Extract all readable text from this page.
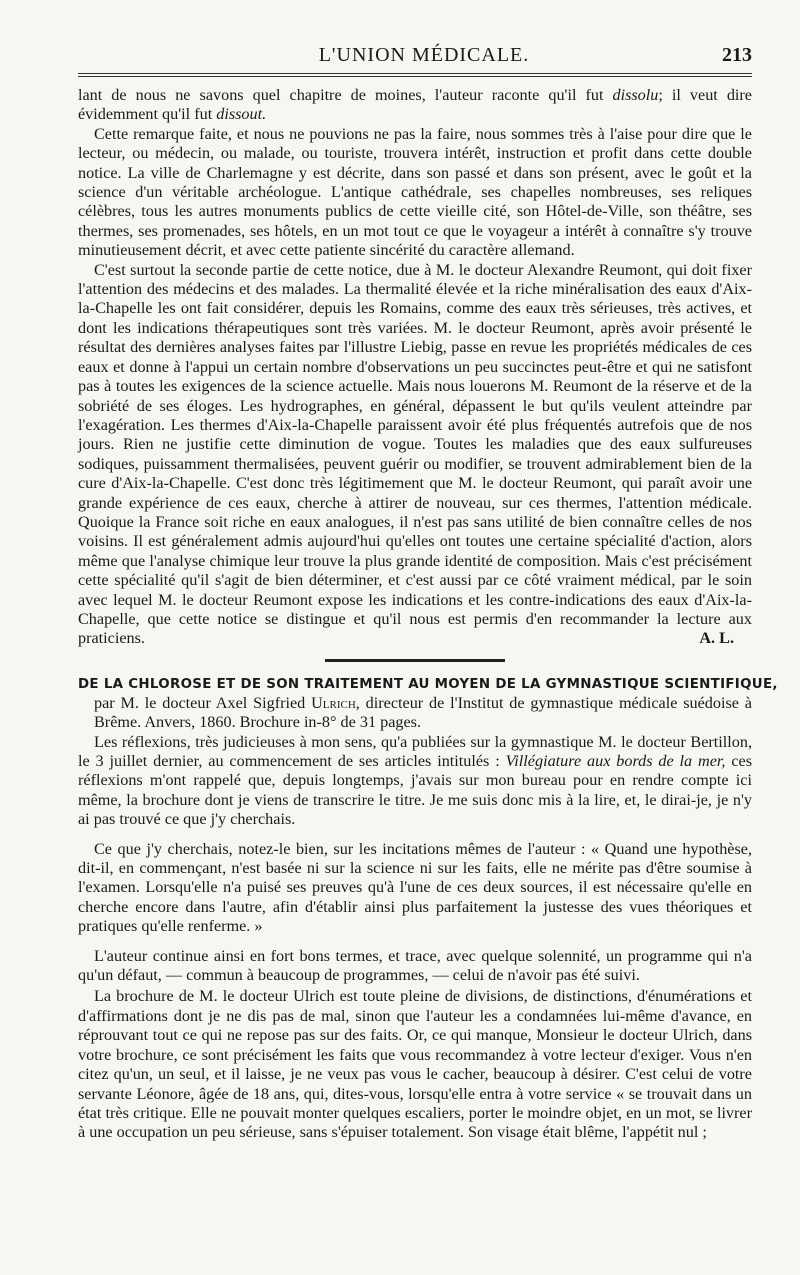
L'UNION MÉDICALE.	213

lant de nous ne savons quel chapitre de moines, l'auteur raconte qu'il fut dissolu; il veut dire évidemment qu'il fut dissout.

Cette remarque faite, et nous ne pouvions ne pas la faire, nous sommes très à l'aise pour dire que le lecteur, ou médecin, ou malade, ou touriste, trouvera intérêt, instruction et profit dans cette double notice. La ville de Charlemagne y est décrite, dans son passé et dans son présent, avec le goût et la science d'un véritable archéologue. L'antique cathédrale, ses chapelles nombreuses, ses reliques célèbres, tous les autres monuments publics de cette vieille cité, son Hôtel-de-Ville, son théâtre, ses thermes, ses promenades, ses hôtels, en un mot tout ce que le voyageur a intérêt à connaître s'y trouve minutieusement décrit, et avec cette patiente sincérité du caractère allemand.

C'est surtout la seconde partie de cette notice, due à M. le docteur Alexandre Reumont, qui doit fixer l'attention des médecins et des malades. La thermalité élevée et la riche minéralisation des eaux d'Aix-la-Chapelle les ont fait considérer, depuis les Romains, comme des eaux très sérieuses, très actives, et dont les indications thérapeutiques sont très variées. M. le docteur Reumont, après avoir présenté le résultat des dernières analyses faites par l'illustre Liebig, passe en revue les propriétés médicales de ces eaux et donne à l'appui un certain nombre d'observations un peu succinctes peut-être et qui ne satisfont pas à toutes les exigences de la science actuelle. Mais nous louerons M. Reumont de la réserve et de la sobriété de ses éloges. Les hydrographes, en général, dépassent le but qu'ils veulent atteindre par l'exagération. Les thermes d'Aix-la-Chapelle paraissent avoir été plus fréquentés autrefois que de nos jours. Rien ne justifie cette diminution de vogue. Toutes les maladies que des eaux sulfureuses sodiques, puissamment thermalisées, peuvent guérir ou modifier, se trouvent admirablement bien de la cure d'Aix-la-Chapelle. C'est donc très légitimement que M. le docteur Reumont, qui paraît avoir une grande expérience de ces eaux, cherche à attirer de nouveau, sur ces thermes, l'attention médicale. Quoique la France soit riche en eaux analogues, il n'est pas sans utilité de bien connaître celles de nos voisins. Il est généralement admis aujourd'hui qu'elles ont toutes une certaine spécialité d'action, alors même que l'analyse chimique leur trouve la plus grande identité de composition. Mais c'est précisément cette spécialité qu'il s'agit de bien déterminer, et c'est aussi par ce côté vraiment médical, par le soin avec lequel M. le docteur Reumont expose les indications et les contre-indications des eaux d'Aix-la-Chapelle, que cette notice se distingue et qu'il nous est permis d'en recommander la lecture aux praticiens.	A. L.

DE LA CHLOROSE ET DE SON TRAITEMENT AU MOYEN DE LA GYMNASTIQUE SCIENTIFIQUE,

par M. le docteur Axel Sigfried Ulrich, directeur de l'Institut de gymnastique médicale suédoise à Brême. Anvers, 1860. Brochure in-8° de 31 pages.

Les réflexions, très judicieuses à mon sens, qu'a publiées sur la gymnastique M. le docteur Bertillon, le 3 juillet dernier, au commencement de ses articles intitulés : Villégiature aux bords de la mer, ces réflexions m'ont rappelé que, depuis longtemps, j'avais sur mon bureau pour en rendre compte ici même, la brochure dont je viens de transcrire le titre. Je me suis donc mis à la lire, et, le dirai-je, je n'y ai pas trouvé ce que j'y cherchais.

Ce que j'y cherchais, notez-le bien, sur les incitations mêmes de l'auteur : « Quand une hypothèse, dit-il, en commençant, n'est basée ni sur la science ni sur les faits, elle ne mérite pas d'être soumise à l'examen. Lorsqu'elle n'a puisé ses preuves qu'à l'une de ces deux sources, il est nécessaire qu'elle en cherche encore dans l'autre, afin d'établir ainsi plus parfaitement la justesse des vues théoriques et pratiques qu'elle renferme. »

L'auteur continue ainsi en fort bons termes, et trace, avec quelque solennité, un programme qui n'a qu'un défaut, — commun à beaucoup de programmes, — celui de n'avoir pas été suivi.

La brochure de M. le docteur Ulrich est toute pleine de divisions, de distinctions, d'énumérations et d'affirmations dont je ne dis pas de mal, sinon que l'auteur les a condamnées lui-même d'avance, en réprouvant tout ce qui ne repose pas sur des faits. Or, ce qui manque, Monsieur le docteur Ulrich, dans votre brochure, ce sont précisément les faits que vous recommandez à votre lecteur d'exiger. Vous n'en citez qu'un, un seul, et il laisse, je ne veux pas vous le cacher, beaucoup à désirer. C'est celui de votre servante Léonore, âgée de 18 ans, qui, dites-vous, lorsqu'elle entra à votre service « se trouvait dans un état très critique. Elle ne pouvait monter quelques escaliers, porter le moindre objet, en un mot, se livrer à une occupation un peu sérieuse, sans s'épuiser totalement. Son visage était blême, l'appétit nul ;
